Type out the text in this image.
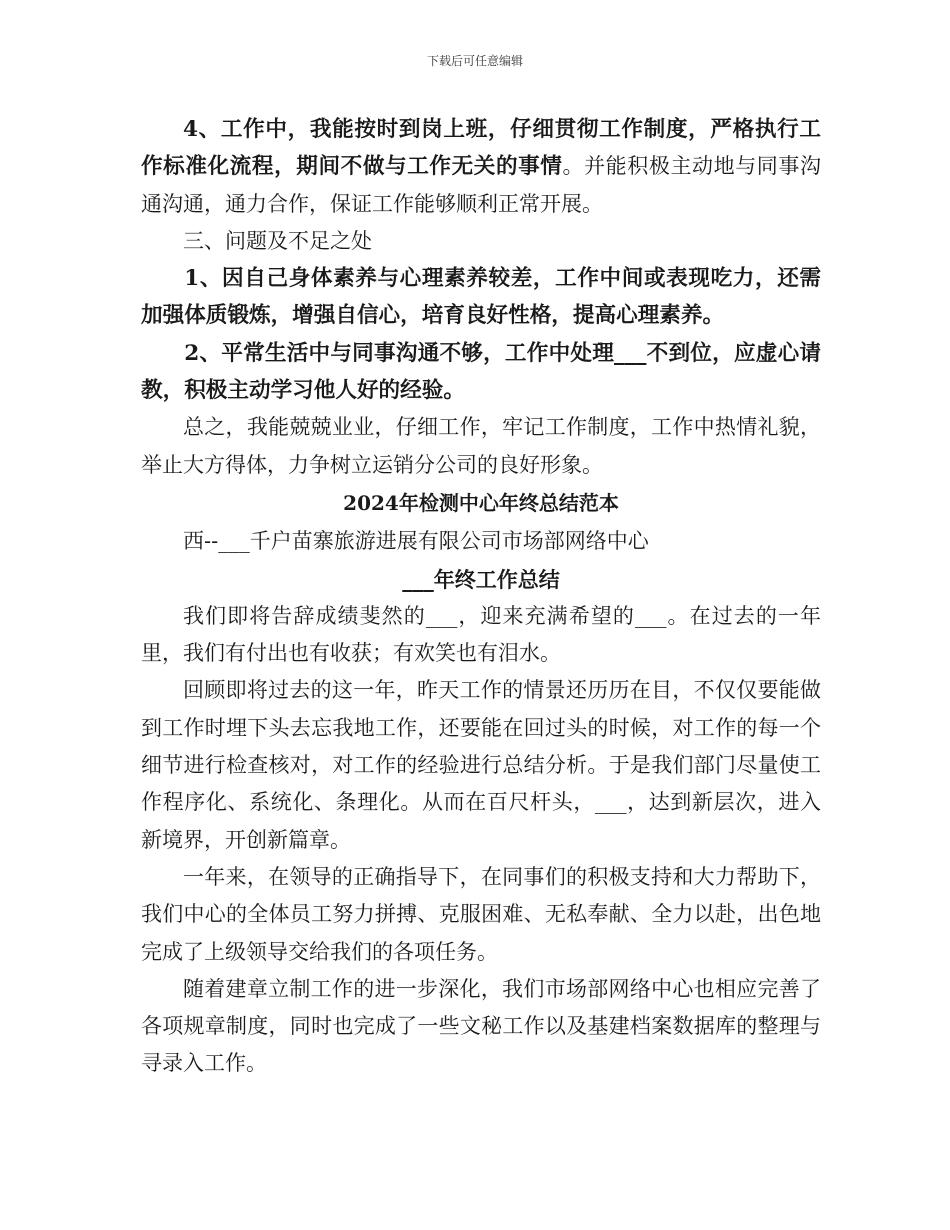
下载后可任意编辑

4、工作中，我能按时到岗上班，仔细贯彻工作制度，严格执行工作标准化流程，期间不做与工作无关的事情。并能积极主动地与同事沟通沟通，通力合作，保证工作能够顺利正常开展。

三、问题及不足之处

1、因自己身体素养与心理素养较差，工作中间或表现吃力，还需加强体质锻炼，增强自信心，培育良好性格，提高心理素养。

2、平常生活中与同事沟通不够，工作中处理___不到位，应虚心请教，积极主动学习他人好的经验。

总之，我能兢兢业业，仔细工作，牢记工作制度，工作中热情礼貌，举止大方得体，力争树立运销分公司的良好形象。

2024年检测中心年终总结范本

西--___千户苗寨旅游进展有限公司市场部网络中心

___年终工作总结

我们即将告辞成绩斐然的___，迎来充满希望的___。在过去的一年里，我们有付出也有收获；有欢笑也有泪水。

回顾即将过去的这一年，昨天工作的情景还历历在目，不仅仅要能做到工作时埋下头去忘我地工作，还要能在回过头的时候，对工作的每一个细节进行检查核对，对工作的经验进行总结分析。于是我们部门尽量使工作程序化、系统化、条理化。从而在百尺杆头，___，达到新层次，进入新境界，开创新篇章。

一年来，在领导的正确指导下，在同事们的积极支持和大力帮助下，我们中心的全体员工努力拼搏、克服困难、无私奉献、全力以赴，出色地完成了上级领导交给我们的各项任务。

随着建章立制工作的进一步深化，我们市场部网络中心也相应完善了各项规章制度，同时也完成了一些文秘工作以及基建档案数据库的整理与寻录入工作。
